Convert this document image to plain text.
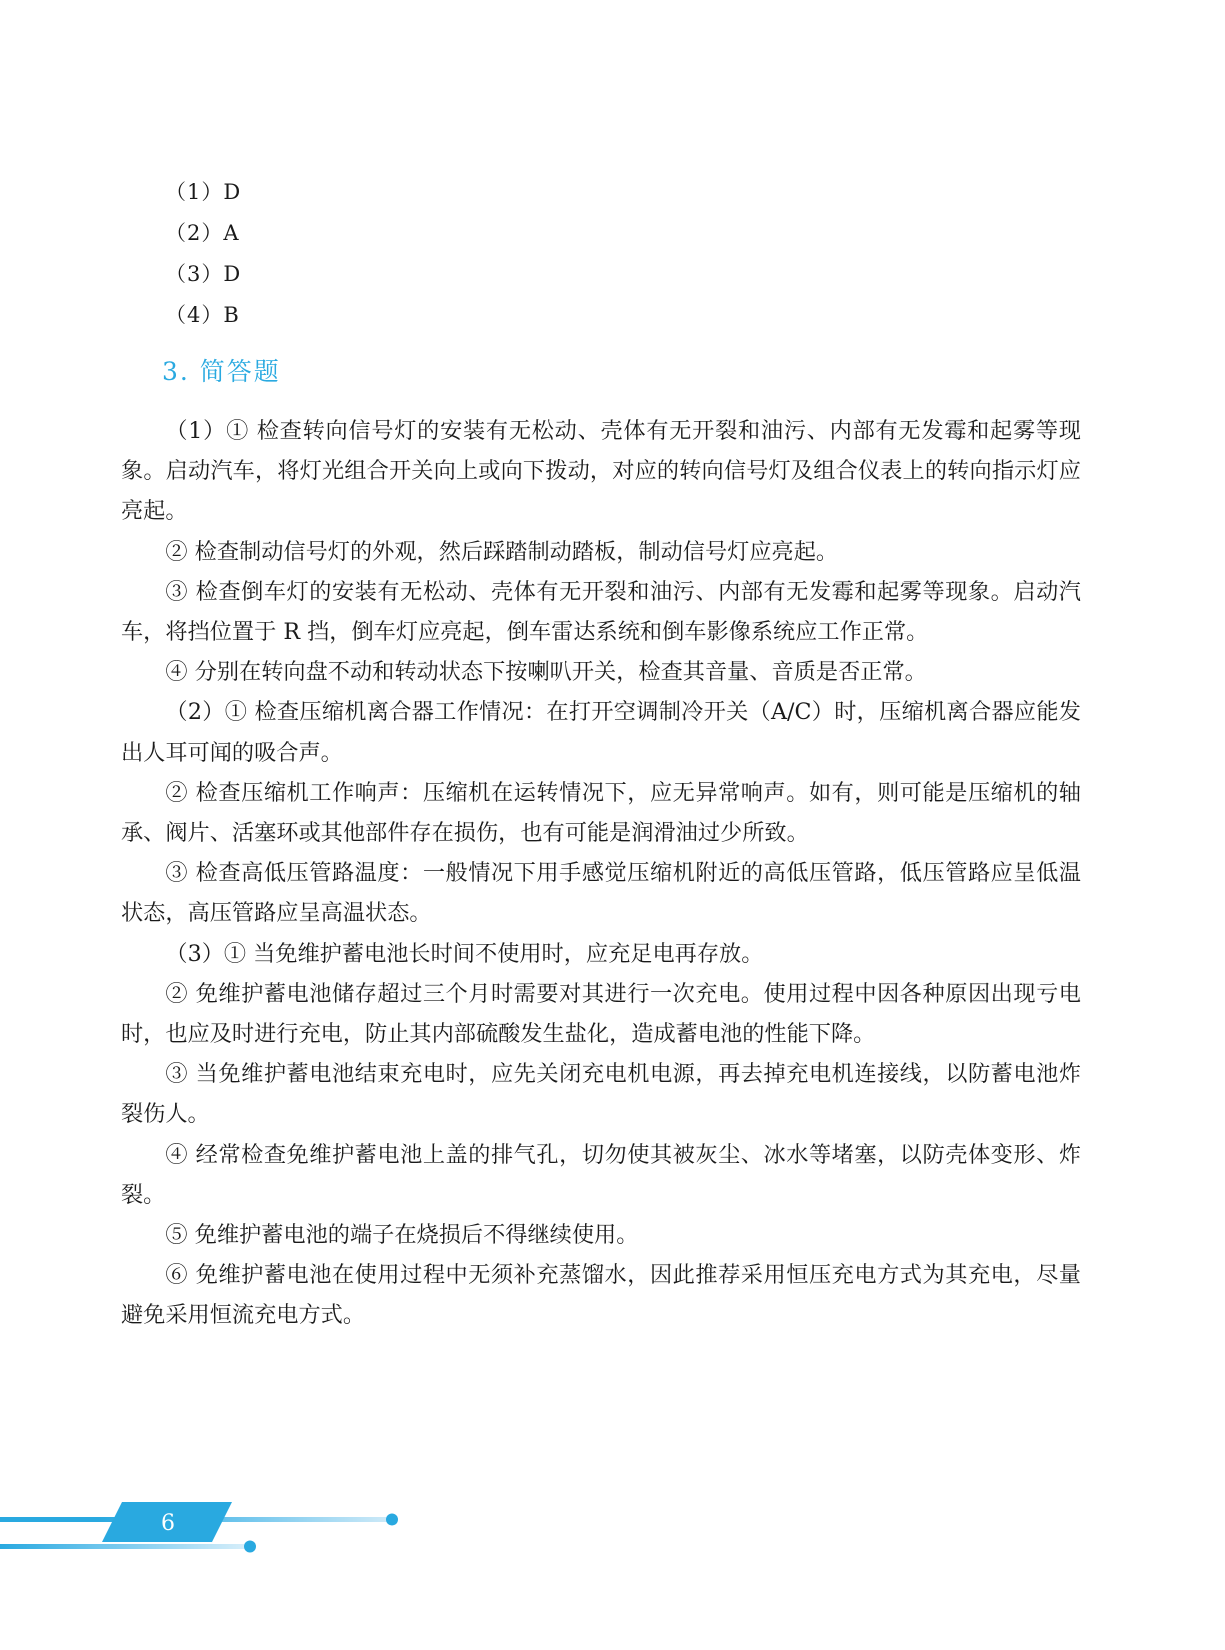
（1）D
（2）A
（3）D
（4）B
3. 简答题

（1）① 检查转向信号灯的安装有无松动、壳体有无开裂和油污、内部有无发霉和起雾等现象。启动汽车，将灯光组合开关向上或向下拨动，对应的转向信号灯及组合仪表上的转向指示灯应亮起。

② 检查制动信号灯的外观，然后踩踏制动踏板，制动信号灯应亮起。

③ 检查倒车灯的安装有无松动、壳体有无开裂和油污、内部有无发霉和起雾等现象。启动汽车，将挡位置于 R 挡，倒车灯应亮起，倒车雷达系统和倒车影像系统应工作正常。

④ 分别在转向盘不动和转动状态下按喇叭开关，检查其音量、音质是否正常。

（2）① 检查压缩机离合器工作情况：在打开空调制冷开关（A/C）时，压缩机离合器应能发出人耳可闻的吸合声。

② 检查压缩机工作响声：压缩机在运转情况下，应无异常响声。如有，则可能是压缩机的轴承、阀片、活塞环或其他部件存在损伤，也有可能是润滑油过少所致。

③ 检查高低压管路温度：一般情况下用手感觉压缩机附近的高低压管路，低压管路应呈低温状态，高压管路应呈高温状态。

（3）① 当免维护蓄电池长时间不使用时，应充足电再存放。

② 免维护蓄电池储存超过三个月时需要对其进行一次充电。使用过程中因各种原因出现亏电时，也应及时进行充电，防止其内部硫酸发生盐化，造成蓄电池的性能下降。

③ 当免维护蓄电池结束充电时，应先关闭充电机电源，再去掉充电机连接线，以防蓄电池炸裂伤人。

④ 经常检查免维护蓄电池上盖的排气孔，切勿使其被灰尘、冰水等堵塞，以防壳体变形、炸裂。

⑤ 免维护蓄电池的端子在烧损后不得继续使用。

⑥ 免维护蓄电池在使用过程中无须补充蒸馏水，因此推荐采用恒压充电方式为其充电，尽量避免采用恒流充电方式。

6
